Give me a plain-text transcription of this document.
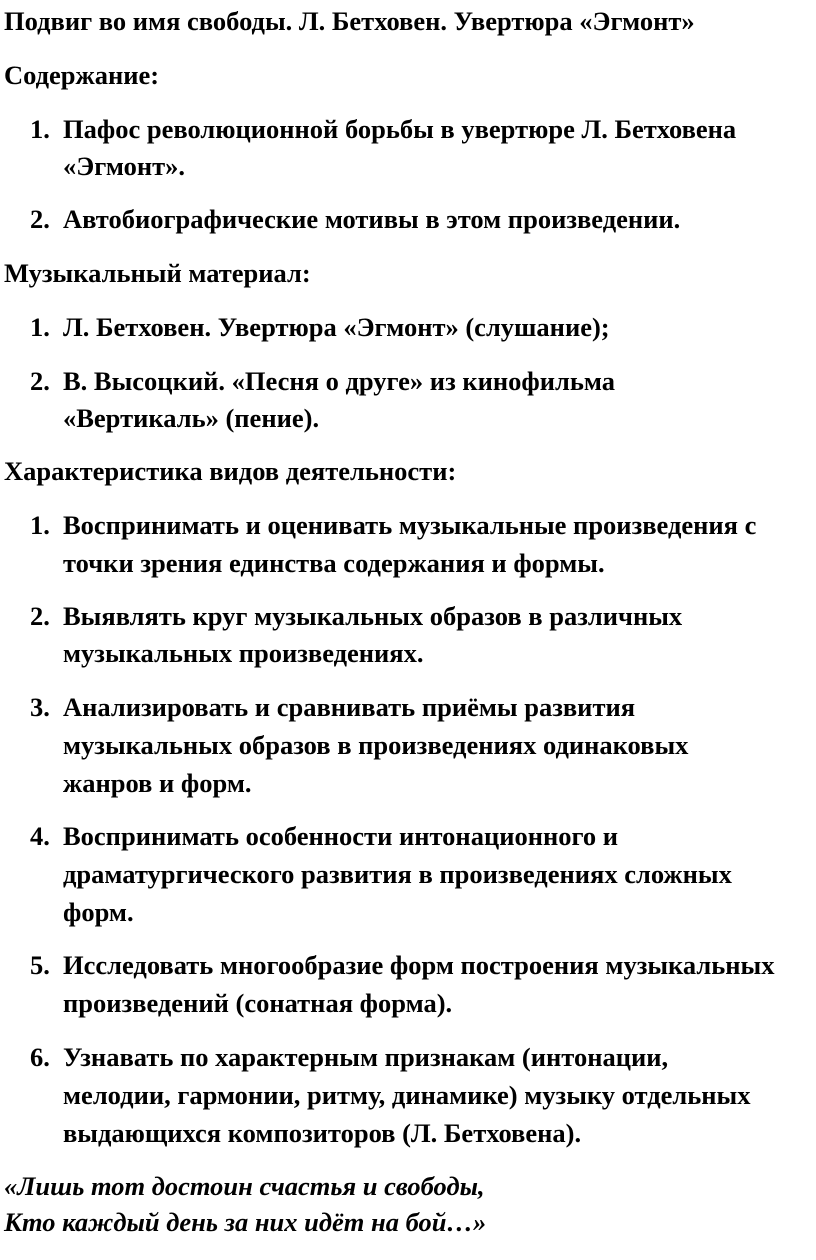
Подвиг во имя свободы. Л. Бетховен. Увертюра «Эгмонт»
Содержание:
1. Пафос революционной борьбы в увертюре Л. Бетховена
«Эгмонт».
2. Автобиографические мотивы в этом произведении.
Музыкальный материал:
1. Л. Бетховен. Увертюра «Эгмонт» (слушание);
2. В. Высоцкий. «Песня о друге» из кинофильма
«Вертикаль» (пение).
Характеристика видов деятельности:
1. Воспринимать и оценивать музыкальные произведения с
точки зрения единства содержания и формы.
2. Выявлять круг музыкальных образов в различных
музыкальных произведениях.
3. Анализировать и сравнивать приёмы развития
музыкальных образов в произведениях одинаковых
жанров и форм.
4. Воспринимать особенности интонационного и
драматургического развития в произведениях сложных
форм.
5. Исследовать многообразие форм построения музыкальных
произведений (сонатная форма).
6. Узнавать по характерным признакам (интонации,
мелодии, гармонии, ритму, динамике) музыку отдельных
выдающихся композиторов (Л. Бетховена).
«Лишь тот достоин счастья и свободы,
Кто каждый день за них идёт на бой…»
